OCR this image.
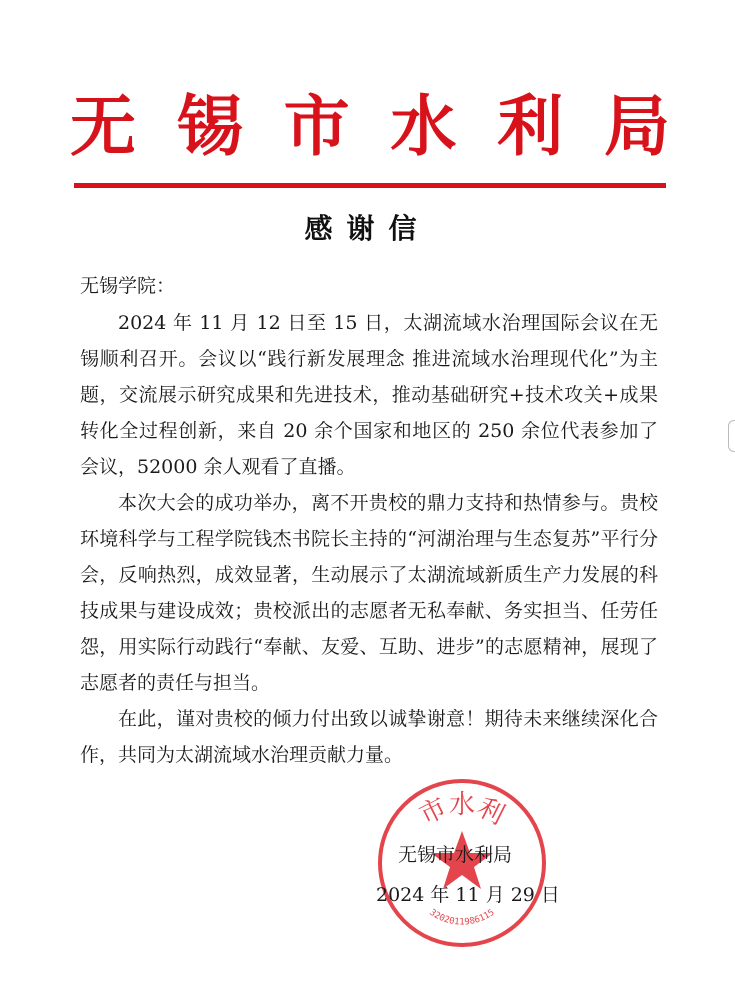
无 锡 市 水 利 局
感谢信
无锡学院：

2024 年 11 月 12 日至 15 日，太湖流域水治理国际会议在无锡顺利召开。会议以“践行新发展理念 推进流域水治理现代化”为主题，交流展示研究成果和先进技术，推动基础研究+技术攻关+成果转化全过程创新，来自 20 余个国家和地区的 250 余位代表参加了会议，52000 余人观看了直播。

本次大会的成功举办，离不开贵校的鼎力支持和热情参与。贵校环境科学与工程学院钱杰书院长主持的“河湖治理与生态复苏”平行分会，反响热烈，成效显著，生动展示了太湖流域新质生产力发展的科技成果与建设成效；贵校派出的志愿者无私奉献、务实担当、任劳任怨，用实际行动践行“奉献、友爱、互助、进步”的志愿精神，展现了志愿者的责任与担当。

在此，谨对贵校的倾力付出致以诚挚谢意！期待未来继续深化合作，共同为太湖流域水治理贡献力量。

市水利
3202011986115
无锡市水利局
2024 年 11 月 29 日
